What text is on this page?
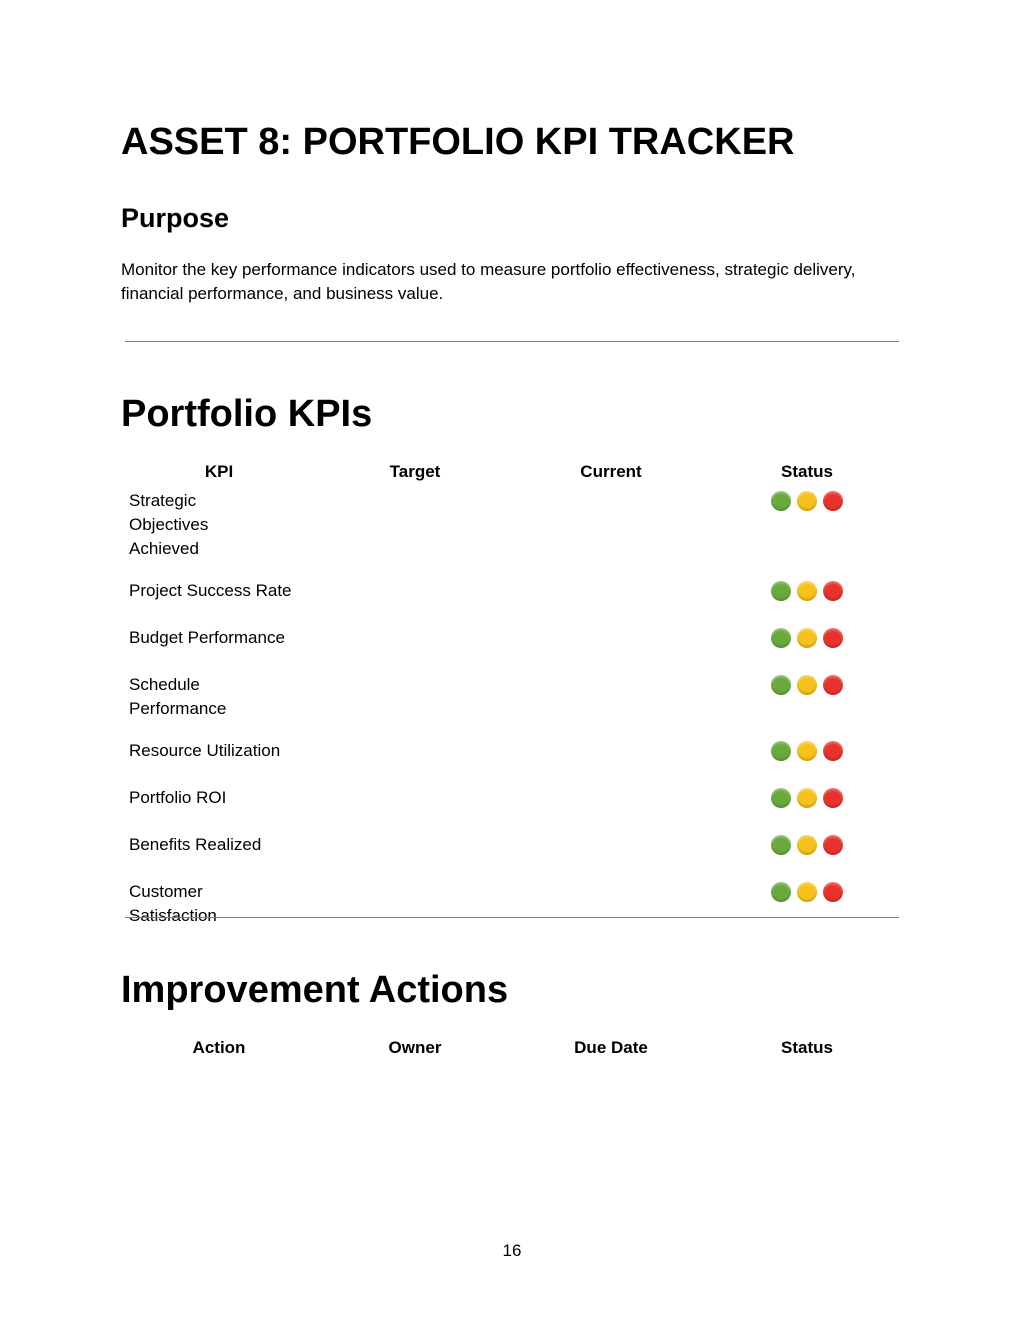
ASSET 8: PORTFOLIO KPI TRACKER
Purpose

Monitor the key performance indicators used to measure portfolio effectiveness, strategic delivery, financial performance, and business value.

Portfolio KPIs
KPI	Target	Current	Status
Strategic Objectives Achieved			

Project Success Rate			

Budget Performance			

Schedule Performance			

Resource Utilization			

Portfolio ROI			

Benefits Realized			

Customer Satisfaction			
Improvement Actions
Action	Owner	Due Date	Status
16
